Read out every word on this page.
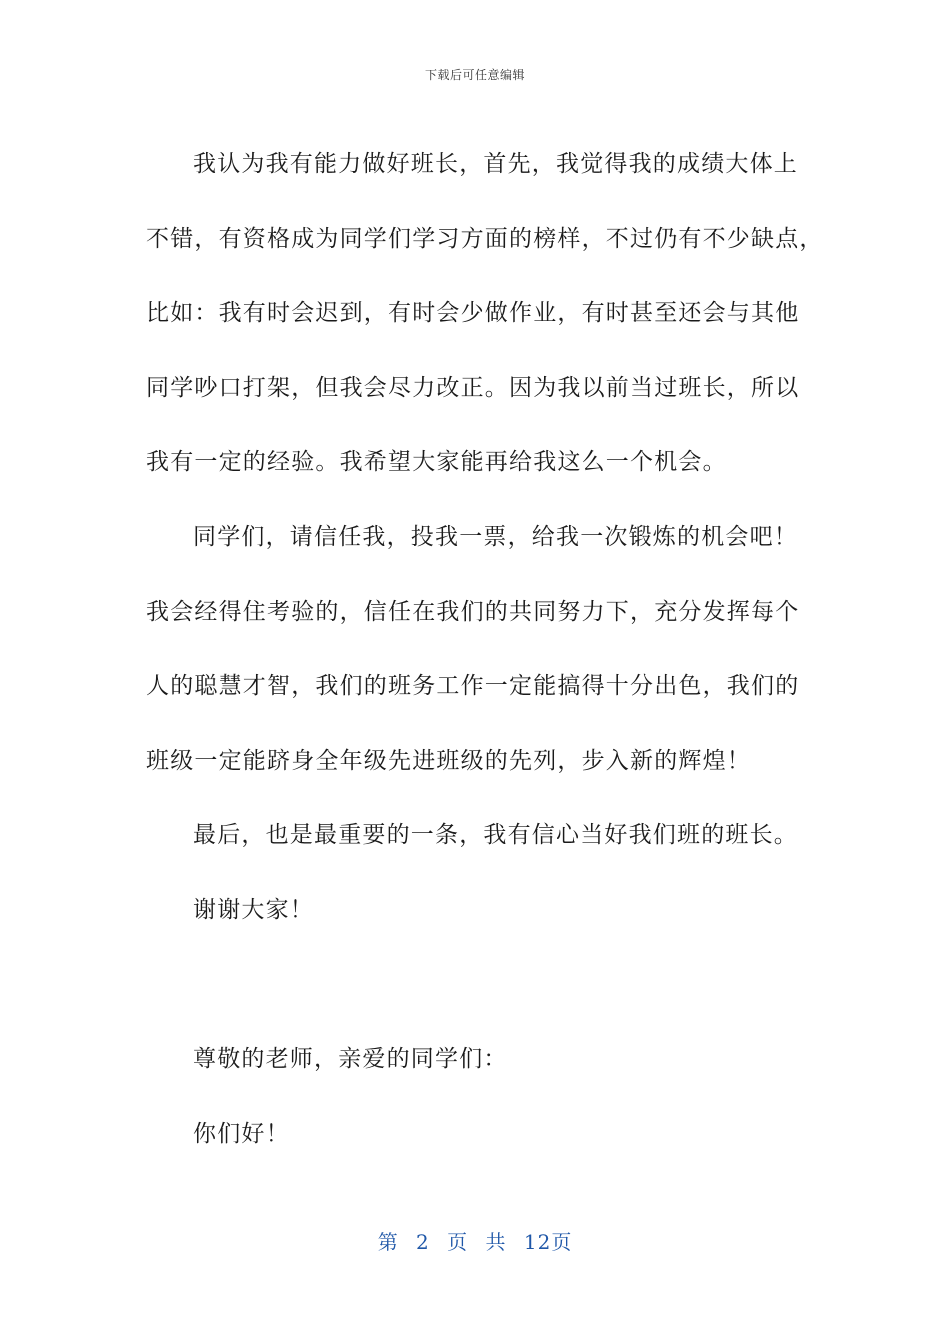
下载后可任意编辑

我认为我有能力做好班长，首先，我觉得我的成绩大体上

不错，有资格成为同学们学习方面的榜样，不过仍有不少缺点，

比如：我有时会迟到，有时会少做作业，有时甚至还会与其他

同学吵口打架，但我会尽力改正。因为我以前当过班长，所以

我有一定的经验。我希望大家能再给我这么一个机会。

同学们，请信任我，投我一票，给我一次锻炼的机会吧！

我会经得住考验的，信任在我们的共同努力下，充分发挥每个

人的聪慧才智，我们的班务工作一定能搞得十分出色，我们的

班级一定能跻身全年级先进班级的先列，步入新的辉煌！

最后，也是最重要的一条，我有信心当好我们班的班长。

谢谢大家！

尊敬的老师，亲爱的同学们：

你们好！

第 2 页 共 12页
